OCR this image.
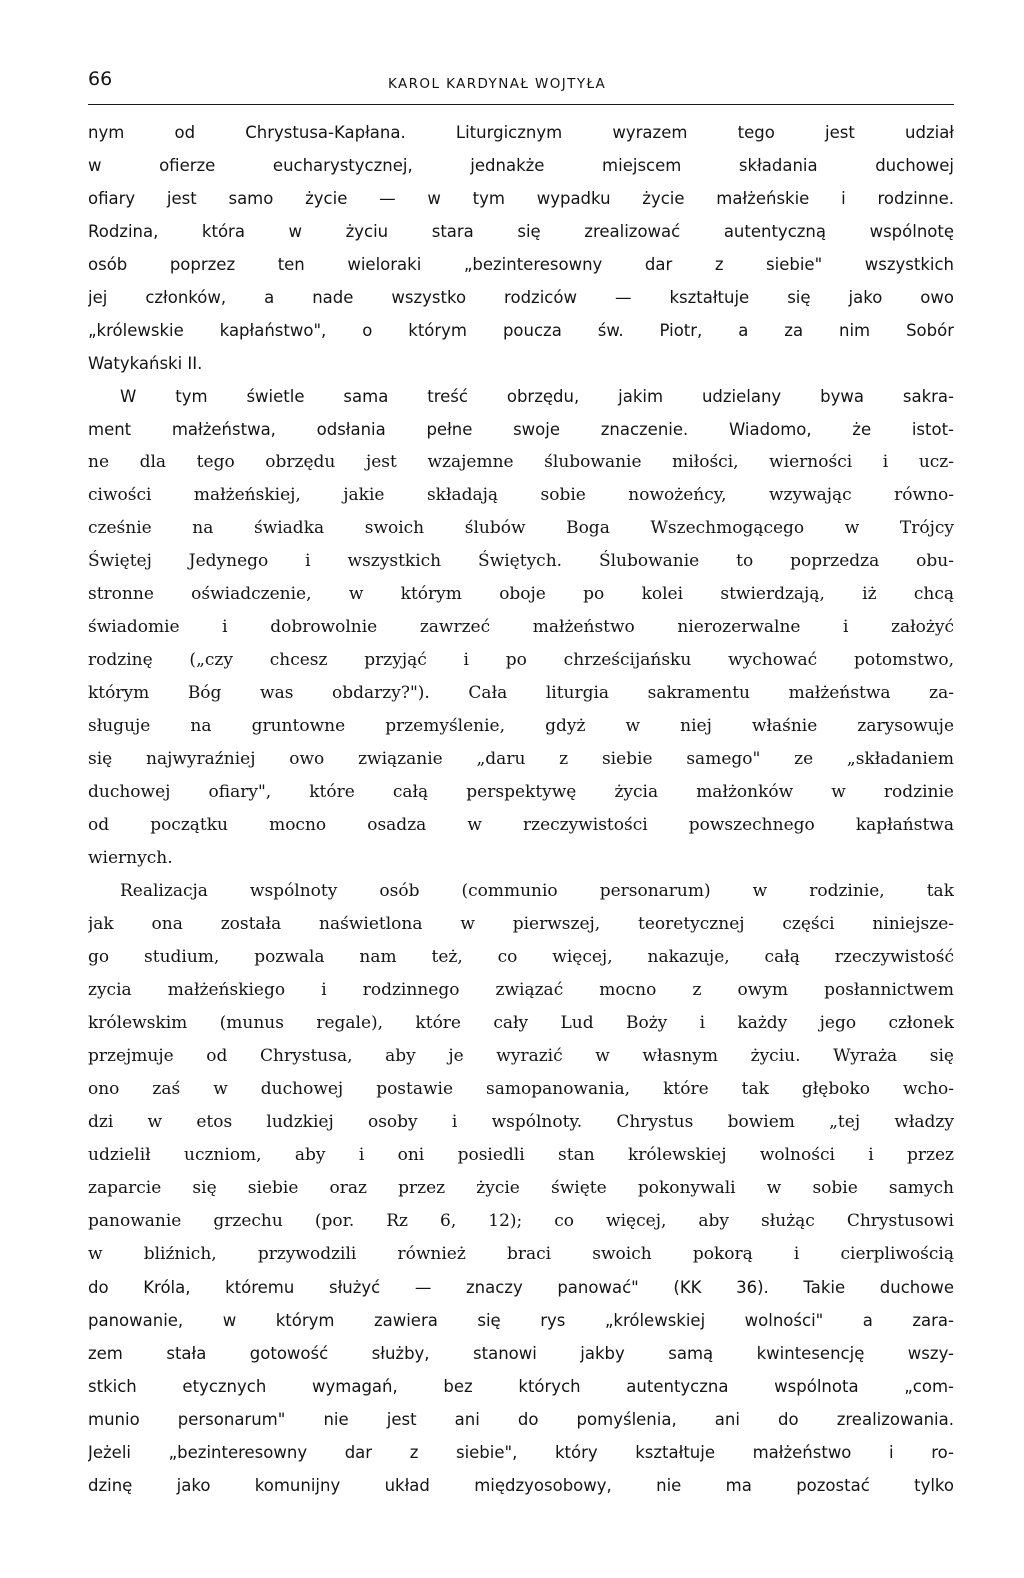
66	KAROL KARDYNAŁ WOJTYŁA
nym od Chrystusa-Kapłana. Liturgicznym wyrazem tego jest udział
w ofierze eucharystycznej, jednakże miejscem składania duchowej
ofiary jest samo życie — w tym wypadku życie małżeńskie i rodzinne.
Rodzina, która w życiu stara się zrealizować autentyczną wspólnotę
osób poprzez ten wieloraki „bezinteresowny dar z siebie" wszystkich
jej członków, a nade wszystko rodziców — kształtuje się jako owo
„królewskie kapłaństwo", o którym poucza św. Piotr, a za nim Sobór
Watykański II.
W tym świetle sama treść obrzędu, jakim udzielany bywa sakra-
ment małżeństwa, odsłania pełne swoje znaczenie. Wiadomo, że istot-
ne dla tego obrzędu jest wzajemne ślubowanie miłości, wierności i ucz-
ciwości małżeńskiej, jakie składają sobie nowożeńcy, wzywając równo-
cześnie na świadka swoich ślubów Boga Wszechmogącego w Trójcy
Świętej Jedynego i wszystkich Świętych. Ślubowanie to poprzedza obu-
stronne oświadczenie, w którym oboje po kolei stwierdzają, iż chcą
świadomie i dobrowolnie zawrzeć małżeństwo nierozerwalne i założyć
rodzinę („czy chcesz przyjąć i po chrześcijańsku wychować potomstwo,
którym Bóg was obdarzy?"). Cała liturgia sakramentu małżeństwa za-
sługuje na gruntowne przemyślenie, gdyż w niej właśnie zarysowuje
się najwyraźniej owo związanie „daru z siebie samego" ze „składaniem
duchowej ofiary", które całą perspektywę życia małżonków w rodzinie
od początku mocno osadza w rzeczywistości powszechnego kapłaństwa
wiernych.
Realizacja wspólnoty osób (communio personarum) w rodzinie, tak
jak ona została naświetlona w pierwszej, teoretycznej części niniejsze-
go studium, pozwala nam też, co więcej, nakazuje, całą rzeczywistość
zycia małżeńskiego i rodzinnego związać mocno z owym posłannictwem
królewskim (munus regale), które cały Lud Boży i każdy jego członek
przejmuje od Chrystusa, aby je wyrazić w własnym życiu. Wyraża się
ono zaś w duchowej postawie samopanowania, które tak głęboko wcho-
dzi w etos ludzkiej osoby i wspólnoty. Chrystus bowiem „tej władzy
udzielił uczniom, aby i oni posiedli stan królewskiej wolności i przez
zaparcie się siebie oraz przez życie święte pokonywali w sobie samych
panowanie grzechu (por. Rz 6, 12); co więcej, aby służąc Chrystusowi
w bliźnich, przywodzili również braci swoich pokorą i cierpliwością
do Króla, któremu służyć — znaczy panować" (KK 36). Takie duchowe
panowanie, w którym zawiera się rys „królewskiej wolności" a zara-
zem stała gotowość służby, stanowi jakby samą kwintesencję wszy-
stkich etycznych wymagań, bez których autentyczna wspólnota „com-
munio personarum" nie jest ani do pomyślenia, ani do zrealizowania.
Jeżeli „bezinteresowny dar z siebie", który kształtuje małżeństwo i ro-
dzinę jako komunijny układ międzyosobowy, nie ma pozostać tylko
